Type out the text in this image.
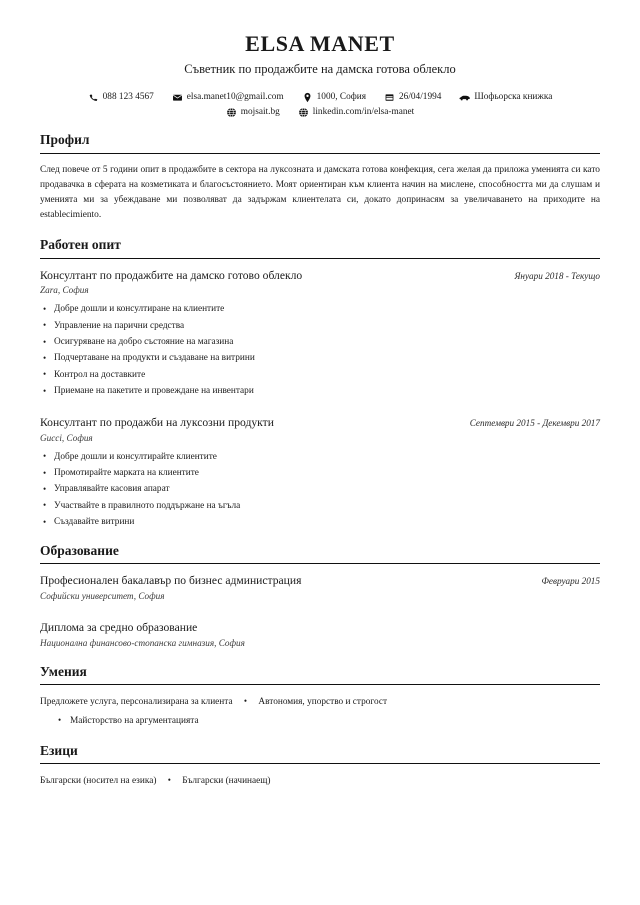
ELSA MANET
Съветник по продажбите на дамска готова облекло
088 123 4567	elsa.manet10@gmail.com	1000, София	26/04/1994	Шофьорска книжка
mojsait.bg	linkedin.com/in/elsa-manet
Профил

След повече от 5 години опит в продажбите в сектора на луксозната и дамската готова конфекция, сега желая да приложа уменията си като продавачка в сферата на козметиката и благосъстоянието. Моят ориентиран към клиента начин на мислене, способността ми да слушам и уменията ми за убеждаване ми позволяват да задържам клиентелата си, докато допринасям за увеличаването на приходите на establecimiento.

Работен опит
Консултант по продажбите на дамско готово облекло	Януари 2018 - Текущо
Zara, София
• Добре дошли и консултиране на клиентите
• Управление на парични средства
• Осигуряване на добро състояние на магазина
• Подчертаване на продукти и създаване на витрини
• Контрол на доставките
• Приемане на пакетите и провеждане на инвентари
Консултант по продажби на луксозни продукти	Септември 2015 - Декември 2017
Gucci, София
• Добре дошли и консултирайте клиентите
• Промотирайте марката на клиентите
• Управлявайте касовия апарат
• Участвайте в правилното поддържане на ъгъла
• Създавайте витрини
Образование
Професионален бакалавър по бизнес администрация	Февруари 2015
Софийски университет, София
Диплома за средно образование
Национална финансово-стопанска гимназия, София
Умения
Предложете услуга, персонализирана за клиента • Автономия, упорство и строгост
• Майсторство на аргументацията
Езици
Български (носител на езика) • Български (начинаещ)
